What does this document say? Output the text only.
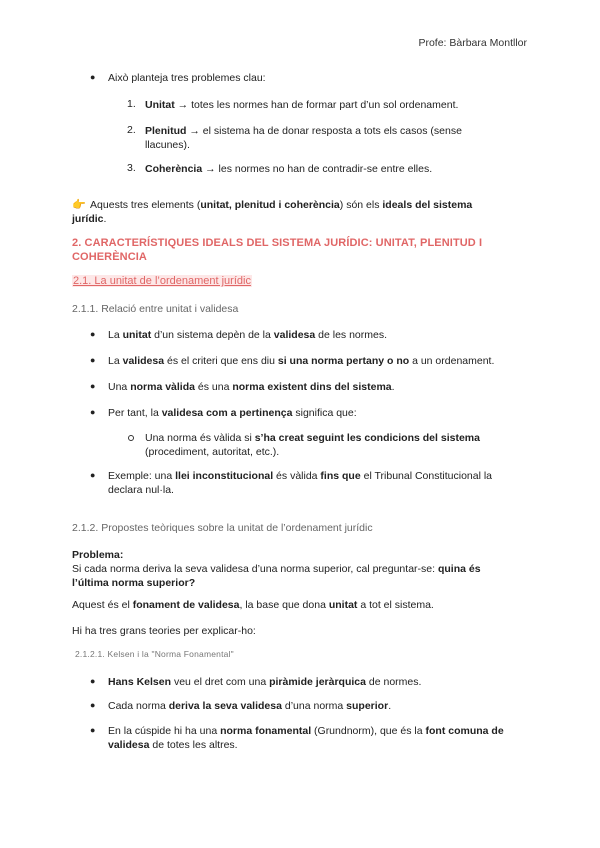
Profe: Bàrbara Montllor
● Això planteja tres problemes clau:
1. Unitat → totes les normes han de formar part d’un sol ordenament.
2. Plenitud → el sistema ha de donar resposta a tots els casos (sense
llacunes).
3. Coherència → les normes no han de contradir-se entre elles.
👉 Aquests tres elements (unitat, plenitud i coherència) són els ideals del sistema
jurídic.
2. CARACTERÍSTIQUES IDEALS DEL SISTEMA JURÍDIC: UNITAT, PLENITUD I
COHERÈNCIA
2.1. La unitat de l’ordenament jurídic
2.1.1. Relació entre unitat i validesa
● La unitat d’un sistema depèn de la validesa de les normes.
● La validesa és el criteri que ens diu si una norma pertany o no a un ordenament.
● Una norma vàlida és una norma existent dins del sistema.
● Per tant, la validesa com a pertinença significa que:
Una norma és vàlida si s’ha creat seguint les condicions del sistema
(procediment, autoritat, etc.).
● Exemple: una llei inconstitucional és vàlida fins que el Tribunal Constitucional la
declara nul·la.
2.1.2. Propostes teòriques sobre la unitat de l’ordenament jurídic
Problema:
Si cada norma deriva la seva validesa d’una norma superior, cal preguntar-se: quina és
l’última norma superior?
Aquest és el fonament de validesa, la base que dona unitat a tot el sistema.
Hi ha tres grans teories per explicar-ho:
2.1.2.1. Kelsen i la "Norma Fonamental"
● Hans Kelsen veu el dret com una piràmide jeràrquica de normes.
● Cada norma deriva la seva validesa d’una norma superior.
● En la cúspide hi ha una norma fonamental (Grundnorm), que és la font comuna de
validesa de totes les altres.
